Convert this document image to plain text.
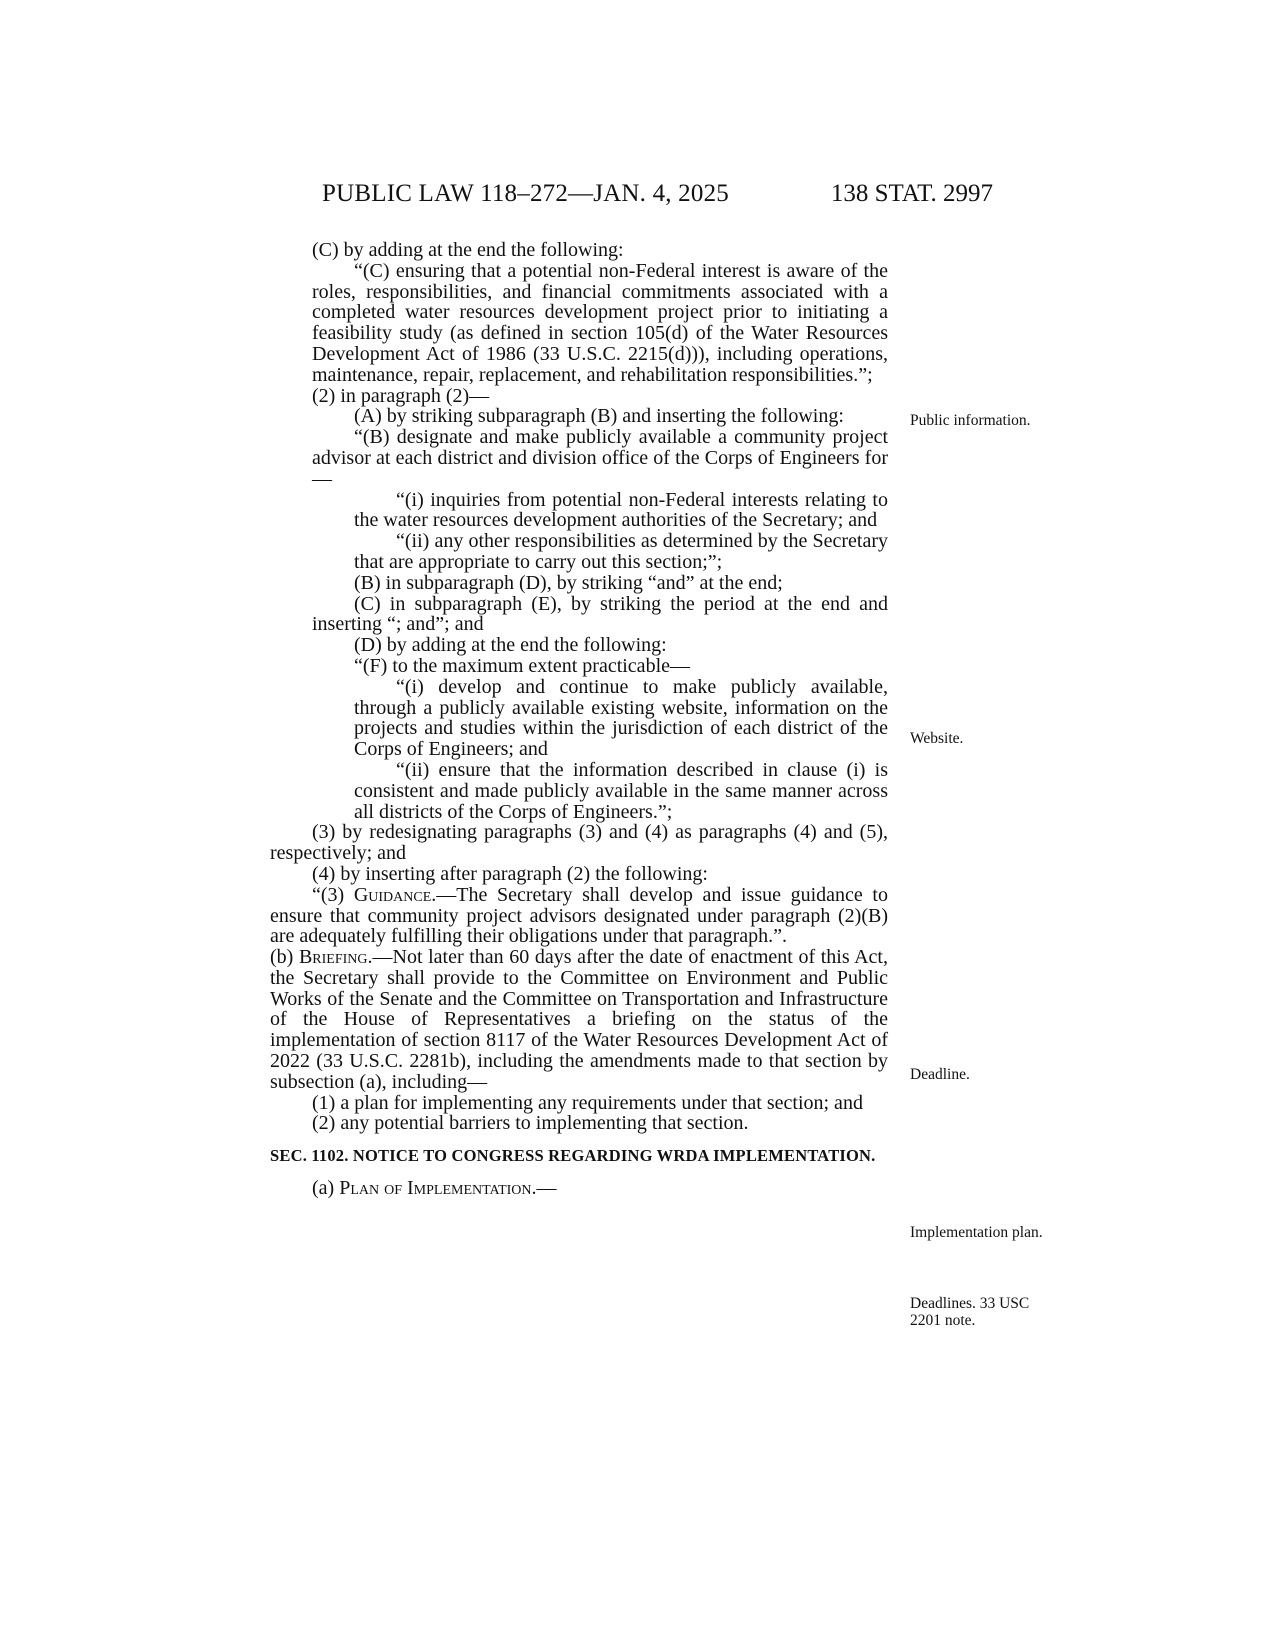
PUBLIC LAW 118–272—JAN. 4, 2025	138 STAT. 2997

(C) by adding at the end the following:

“(C) ensuring that a potential non-Federal interest is aware of the roles, responsibilities, and financial commitments associated with a completed water resources development project prior to initiating a feasibility study (as defined in section 105(d) of the Water Resources Development Act of 1986 (33 U.S.C. 2215(d))), including operations, maintenance, repair, replacement, and rehabilitation responsibilities.”;

(2) in paragraph (2)—

(A) by striking subparagraph (B) and inserting the following:

“(B) designate and make publicly available a community project advisor at each district and division office of the Corps of Engineers for—

“(i) inquiries from potential non-Federal interests relating to the water resources development authorities of the Secretary; and

“(ii) any other responsibilities as determined by the Secretary that are appropriate to carry out this section;”;

(B) in subparagraph (D), by striking “and” at the end;

(C) in subparagraph (E), by striking the period at the end and inserting “; and”; and

(D) by adding at the end the following:

“(F) to the maximum extent practicable—

“(i) develop and continue to make publicly available, through a publicly available existing website, information on the projects and studies within the jurisdiction of each district of the Corps of Engineers; and

“(ii) ensure that the information described in clause (i) is consistent and made publicly available in the same manner across all districts of the Corps of Engineers.”;

(3) by redesignating paragraphs (3) and (4) as paragraphs (4) and (5), respectively; and

(4) by inserting after paragraph (2) the following:

“(3) Guidance.—The Secretary shall develop and issue guidance to ensure that community project advisors designated under paragraph (2)(B) are adequately fulfilling their obligations under that paragraph.”.

(b) Briefing.—Not later than 60 days after the date of enactment of this Act, the Secretary shall provide to the Committee on Environment and Public Works of the Senate and the Committee on Transportation and Infrastructure of the House of Representatives a briefing on the status of the implementation of section 8117 of the Water Resources Development Act of 2022 (33 U.S.C. 2281b), including the amendments made to that section by subsection (a), including—

(1) a plan for implementing any requirements under that section; and

(2) any potential barriers to implementing that section.

SEC. 1102. NOTICE TO CONGRESS REGARDING WRDA IMPLEMENTATION.

(a) Plan of Implementation.—

Public information.
Website.
Deadline.
Implementation plan.
Deadlines. 33 USC 2201 note.
